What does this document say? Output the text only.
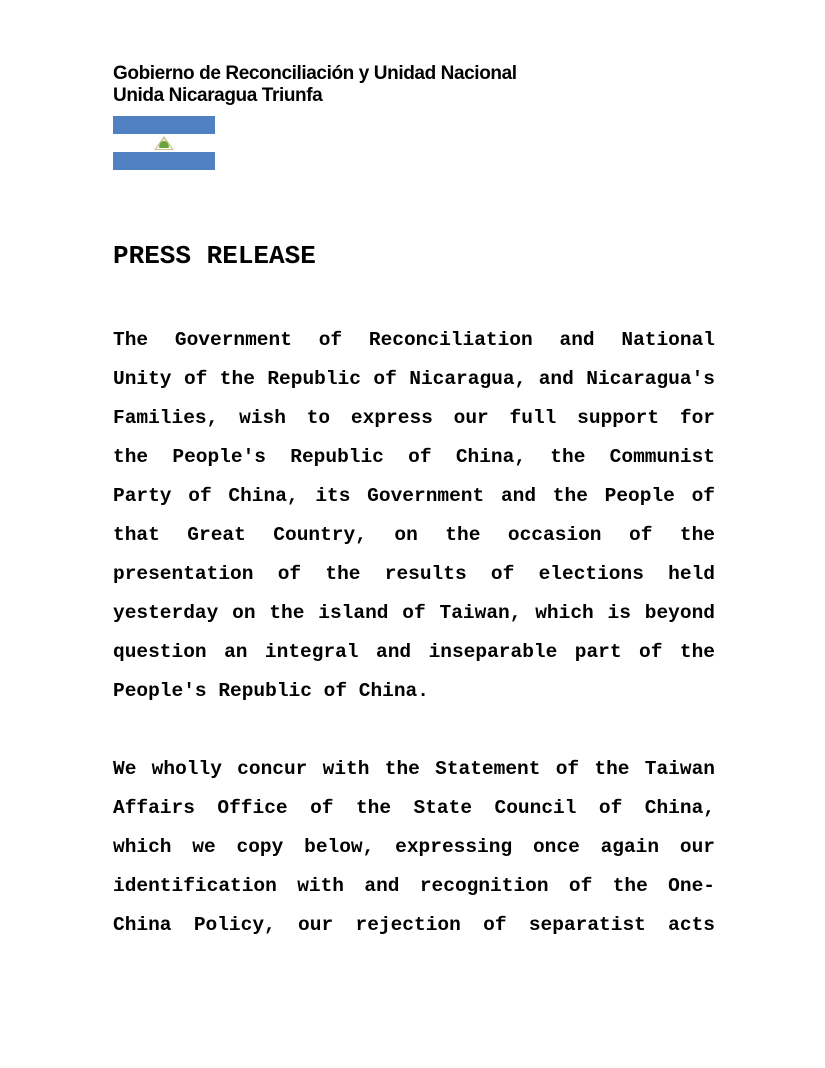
Gobierno de Reconciliación y Unidad Nacional
Unida Nicaragua Triunfa
PRESS RELEASE
The Government of Reconciliation and National
Unity of the Republic of Nicaragua, and Nicaragua's
Families, wish to express our full support for
the People's Republic of China, the Communist
Party of China, its Government and the People of
that Great Country, on the occasion of the
presentation of the results of elections held
yesterday on the island of Taiwan, which is beyond
question an integral and inseparable part of the
People's Republic of China.
We wholly concur with the Statement of the Taiwan
Affairs Office of the State Council of China,
which we copy below, expressing once again our
identification with and recognition of the One-
China Policy, our rejection of separatist acts
